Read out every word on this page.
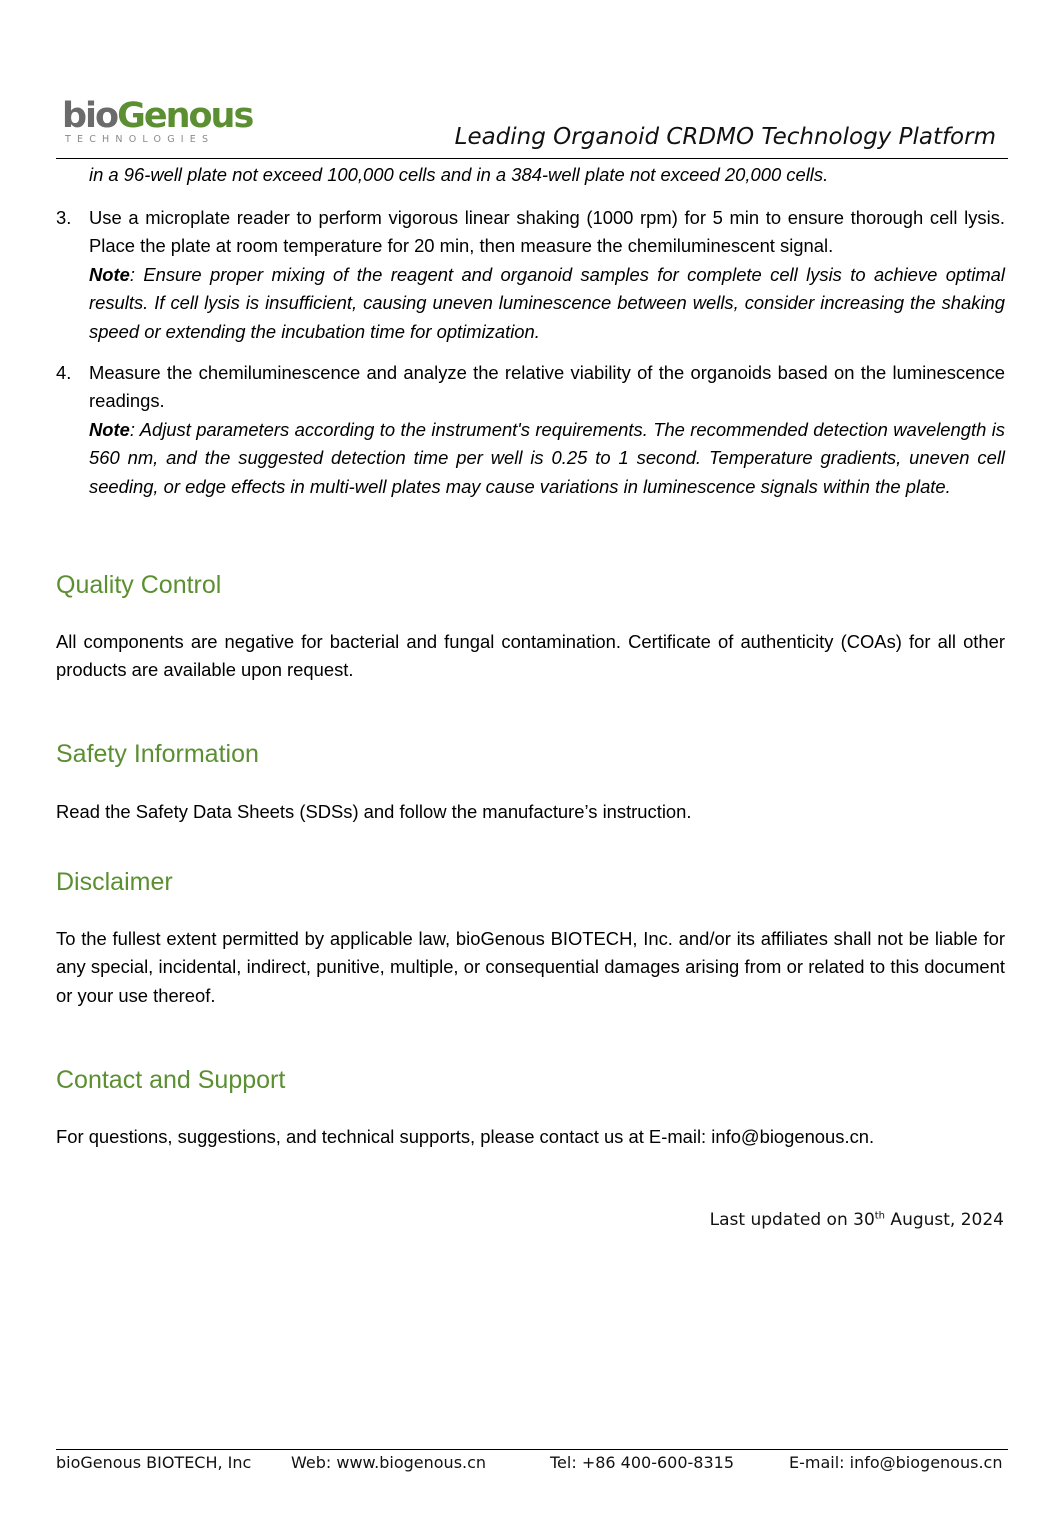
bioGenous
TECHNOLOGIES	Leading Organoid CRDMO Technology Platform
in a 96-well plate not exceed 100,000 cells and in a 384-well plate not exceed 20,000 cells.
3. Use a microplate reader to perform vigorous linear shaking (1000 rpm) for 5 min to ensure thorough cell lysis. Place the plate at room temperature for 20 min, then measure the chemiluminescent signal.
Note: Ensure proper mixing of the reagent and organoid samples for complete cell lysis to achieve optimal results. If cell lysis is insufficient, causing uneven luminescence between wells, consider increasing the shaking speed or extending the incubation time for optimization.
4. Measure the chemiluminescence and analyze the relative viability of the organoids based on the luminescence readings.
Note: Adjust parameters according to the instrument's requirements. The recommended detection wavelength is 560 nm, and the suggested detection time per well is 0.25 to 1 second. Temperature gradients, uneven cell seeding, or edge effects in multi-well plates may cause variations in luminescence signals within the plate.
Quality Control
All components are negative for bacterial and fungal contamination. Certificate of authenticity (COAs) for all other products are available upon request.
Safety Information
Read the Safety Data Sheets (SDSs) and follow the manufacture’s instruction.
Disclaimer
To the fullest extent permitted by applicable law, bioGenous BIOTECH, Inc. and/or its affiliates shall not be liable for any special, incidental, indirect, punitive, multiple, or consequential damages arising from or related to this document or your use thereof.
Contact and Support
For questions, suggestions, and technical supports, please contact us at E-mail: info@biogenous.cn.
Last updated on 30th August, 2024
bioGenous BIOTECH, Inc Web: www.biogenous.cn	Tel: +86 400-600-8315	E-mail: info@biogenous.cn
